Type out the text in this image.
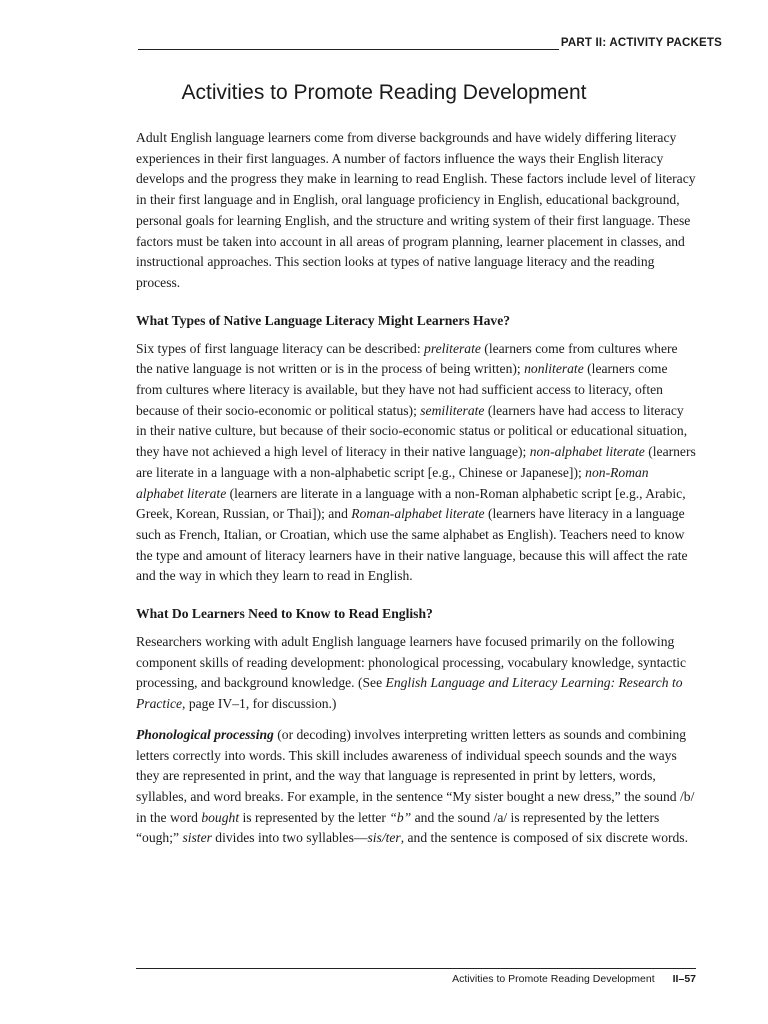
PART II: ACTIVITY PACKETS
Activities to Promote Reading Development

Adult English language learners come from diverse backgrounds and have widely differing literacy experiences in their first languages. A number of factors influence the ways their English literacy develops and the progress they make in learning to read English. These factors include level of literacy in their first language and in English, oral language proficiency in English, educational background, personal goals for learning English, and the structure and writing system of their first language. These factors must be taken into account in all areas of program planning, learner placement in classes, and instructional approaches. This section looks at types of native language literacy and the reading process.

What Types of Native Language Literacy Might Learners Have?

Six types of first language literacy can be described: preliterate (learners come from cultures where the native language is not written or is in the process of being written); nonliterate (learners come from cultures where literacy is available, but they have not had sufficient access to literacy, often because of their socio-economic or political status); semiliterate (learners have had access to literacy in their native culture, but because of their socio-economic status or political or educational situation, they have not achieved a high level of literacy in their native language); non-alphabet literate (learners are literate in a language with a non-alphabetic script [e.g., Chinese or Japanese]); non-Roman alphabet literate (learners are literate in a language with a non-Roman alphabetic script [e.g., Arabic, Greek, Korean, Russian, or Thai]); and Roman-alphabet literate (learners have literacy in a language such as French, Italian, or Croatian, which use the same alphabet as English). Teachers need to know the type and amount of literacy learners have in their native language, because this will affect the rate and the way in which they learn to read in English.

What Do Learners Need to Know to Read English?

Researchers working with adult English language learners have focused primarily on the following component skills of reading development: phonological processing, vocabulary knowledge, syntactic processing, and background knowledge. (See English Language and Literacy Learning: Research to Practice, page IV–1, for discussion.)

Phonological processing (or decoding) involves interpreting written letters as sounds and combining letters correctly into words. This skill includes awareness of individual speech sounds and the ways they are represented in print, and the way that language is represented in print by letters, words, syllables, and word breaks. For example, in the sentence “My sister bought a new dress,” the sound /b/ in the word bought is represented by the letter “b” and the sound /a/ is represented by the letters “ough;” sister divides into two syllables—sis/ter, and the sentence is composed of six discrete words.

Activities to Promote Reading Development II–57
